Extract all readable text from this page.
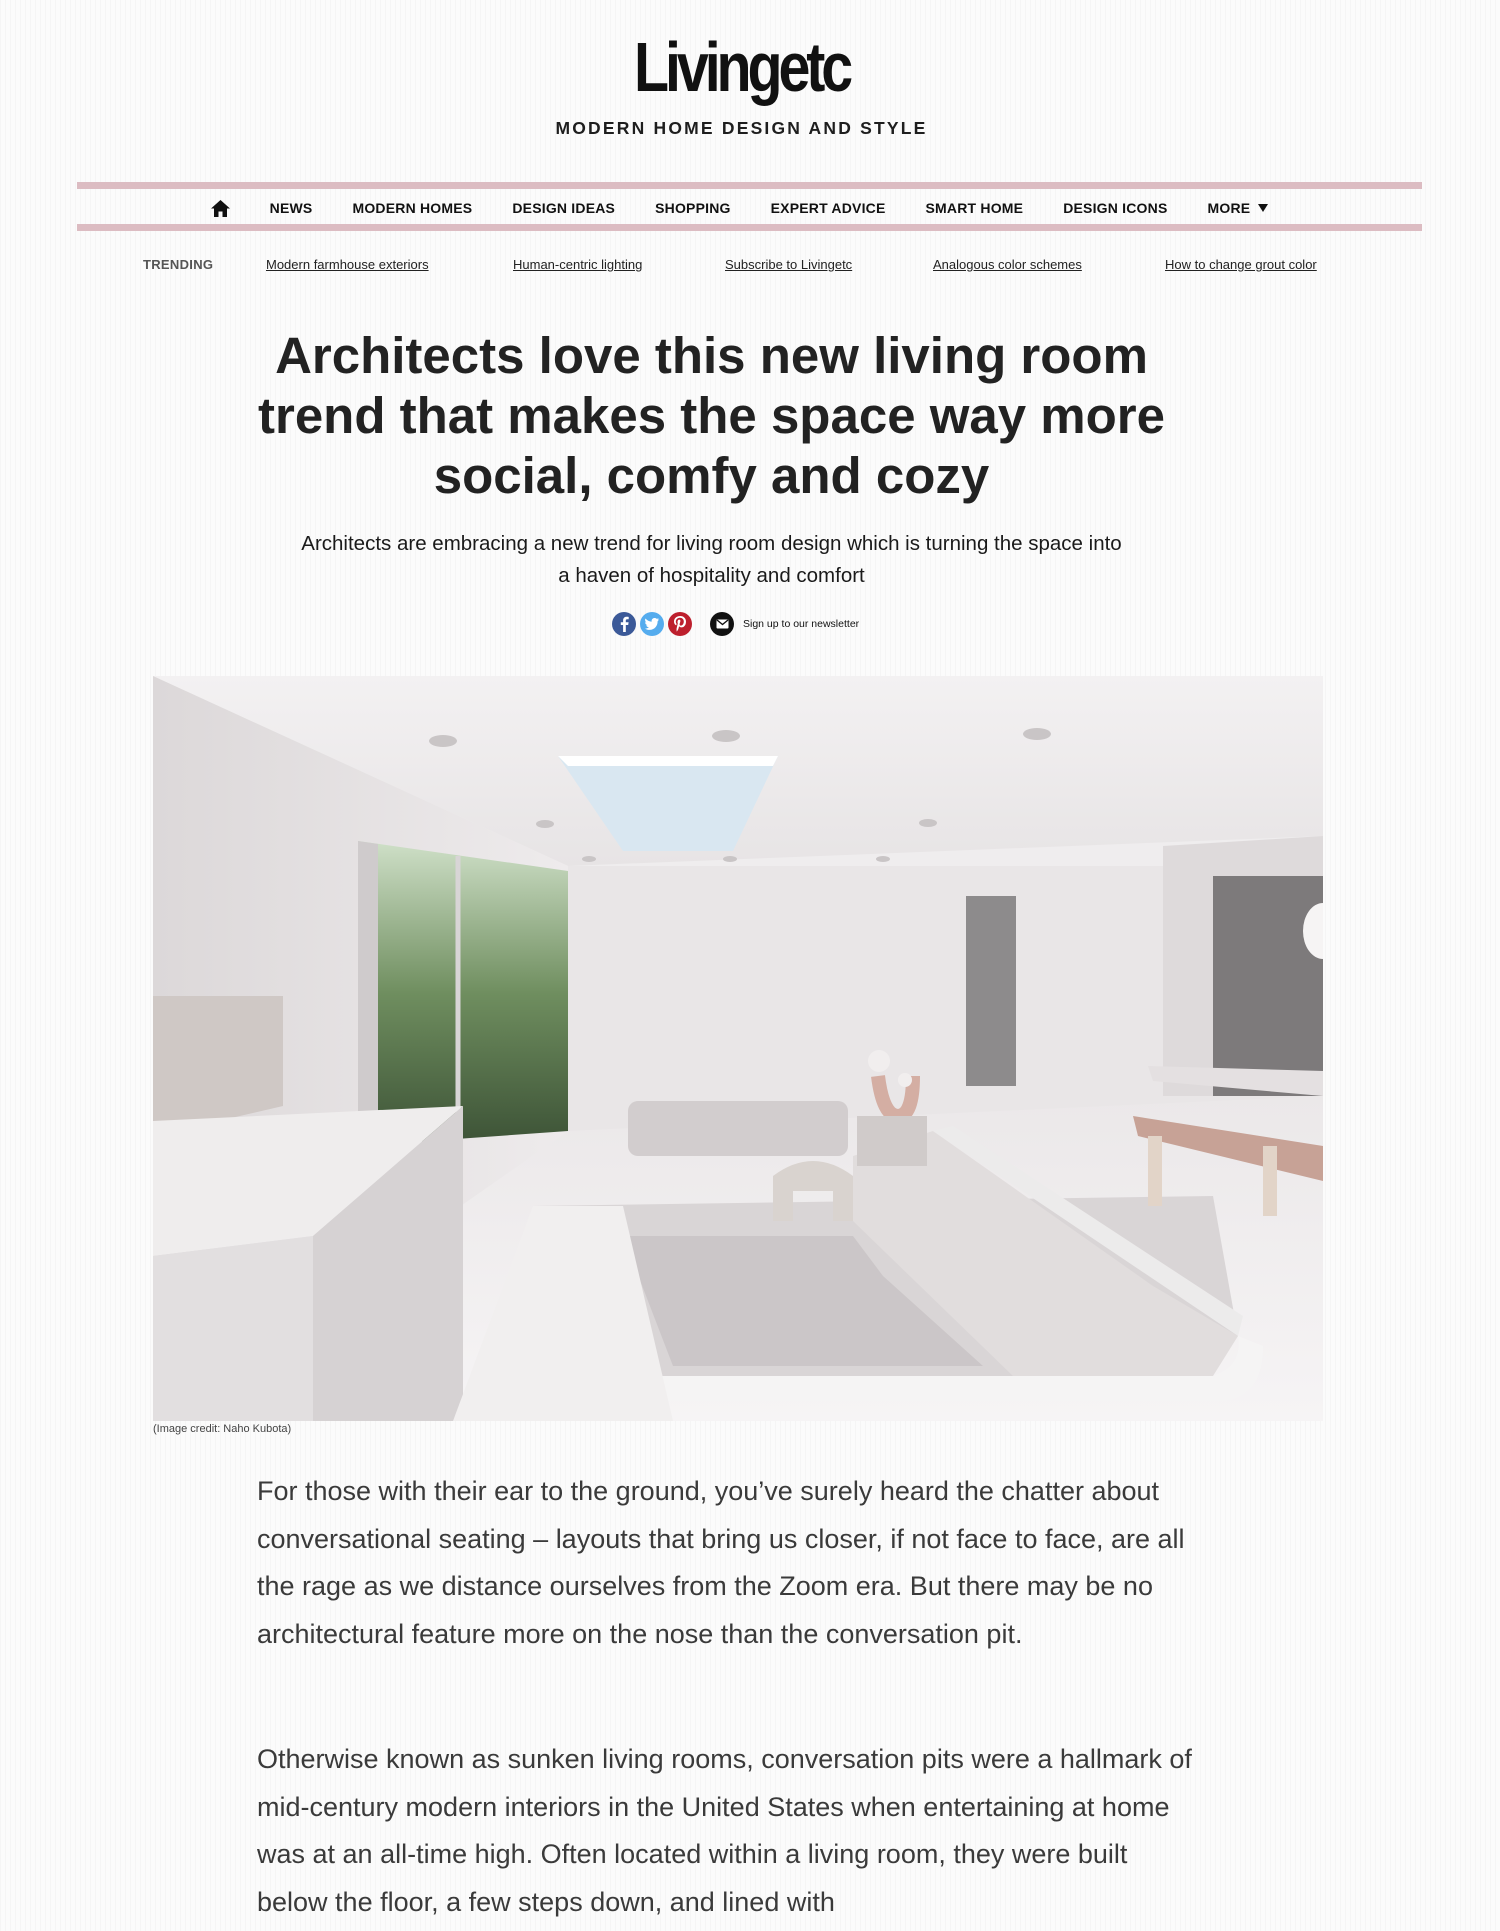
Livingetc
MODERN HOME DESIGN AND STYLE
NEWS	MODERN HOMES	DESIGN IDEAS	SHOPPING	EXPERT ADVICE	SMART HOME	DESIGN ICONS	MORE
TRENDING	Modern farmhouse exteriors	Human-centric lighting	Subscribe to Livingetc	Analogous color schemes	How to change grout color
Architects love this new living room trend that makes the space way more social, comfy and cozy

Architects are embracing a new trend for living room design which is turning the space into a haven of hospitality and comfort

Sign up to our newsletter
(Image credit: Naho Kubota)

For those with their ear to the ground, you’ve surely heard the chatter about conversational seating – layouts that bring us closer, if not face to face, are all the rage as we distance ourselves from the Zoom era. But there may be no architectural feature more on the nose than the conversation pit.

Otherwise known as sunken living rooms, conversation pits were a hallmark of mid-century modern interiors in the United States when entertaining at home was at an all-time high. Often located within a living room, they were built below the floor, a few steps down, and lined with
